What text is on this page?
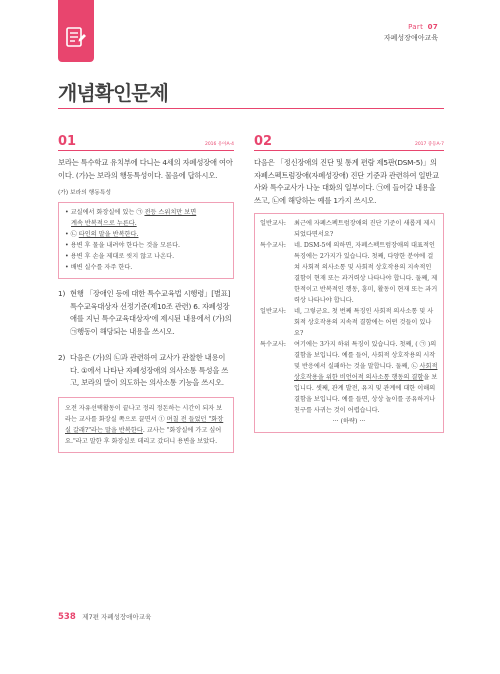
Part 07
자폐성장애아교육
개념확인문제
01	2016 유아A-4
보라는 특수학교 유치부에 다니는 4세의 자폐성장애 여아이다. (가)는 보라의 행동특성이다. 물음에 답하시오.
(가) 보라의 행동특성
• 교실에서 화장실에 있는 ㉠ 전등 스위치만 보면
계속 반복적으로 누른다.
• ㉡ 타인의 말을 반복한다.
• 용변 후 물을 내려야 한다는 것을 모른다.
• 용변 후 손을 제대로 씻지 않고 나온다.
• 배변 실수를 자주 한다.
1) 현행 「장애인 등에 대한 특수교육법 시행령」[별표] 특수교육대상자 선정기준(제10조 관련) 6. 자폐성장애를 지닌 특수교육대상자'에 제시된 내용에서 (가)의 ㉠행동이 해당되는 내용을 쓰시오.
2) 다음은 (가)의 ㉡과 관련하여 교사가 관찰한 내용이다. ①에서 나타난 자폐성장애의 의사소통 특성을 쓰고, 보라의 말이 의도하는 의사소통 기능을 쓰시오.
오전 자유선택활동이 끝나고 정리 정돈하는 시간이 되자 보라는 교사를 화장실 쪽으로 끌면서 ① 며칠 전 들었던 "화장실 갈래?"라는 말을 반복한다. 교사는 "화장실에 가고 싶어요."라고 말한 후 화장실로 데리고 갔더니 용변을 보았다.
02	2017 중등A-7
다음은 「정신장애의 진단 및 통계 편람 제5판(DSM-5)」의 자폐스펙트럼장애(자폐성장애) 진단 기준과 관련하여 일반교사와 특수교사가 나눈 대화의 일부이다. ㉠에 들어갈 내용을 쓰고, ㉡에 해당하는 예를 1가지 쓰시오.
일반교사: 최근에 자폐스펙트럼장애의 진단 기준이 새롭게 제시되었다면서요?
특수교사: 네. DSM-5에 의하면, 자폐스펙트럼장애의 대표적인 특징에는 2가지가 있습니다. 첫째, 다양한 분야에 걸쳐 사회적 의사소통 및 사회적 상호작용의 지속적인 결함이 현재 또는 과거력상 나타나야 합니다. 둘째, 제한적이고 반복적인 행동, 흥미, 활동이 현재 또는 과거력상 나타나야 합니다.
일반교사: 네, 그렇군요. 첫 번째 특징인 사회적 의사소통 및 사회적 상호작용의 지속적 결함에는 어떤 것들이 있나요?
특수교사: 여기에는 3가지 하위 특징이 있습니다. 첫째, ( ㉠ )의 결함을 보입니다. 예를 들어, 사회적 상호작용의 시작 및 반응에서 실패하는 것을 말합니다. 둘째, ㉡ 사회적 상호작용을 위한 비언어적 의사소통 행동의 결함을 보입니다. 셋째, 관계 발전, 유지 및 관계에 대한 이해의 결함을 보입니다. 예를 들면, 상상 놀이를 공유하거나 친구를 사귀는 것이 어렵습니다.
··· (하략) ···
538 제7편 자폐성장애아교육
